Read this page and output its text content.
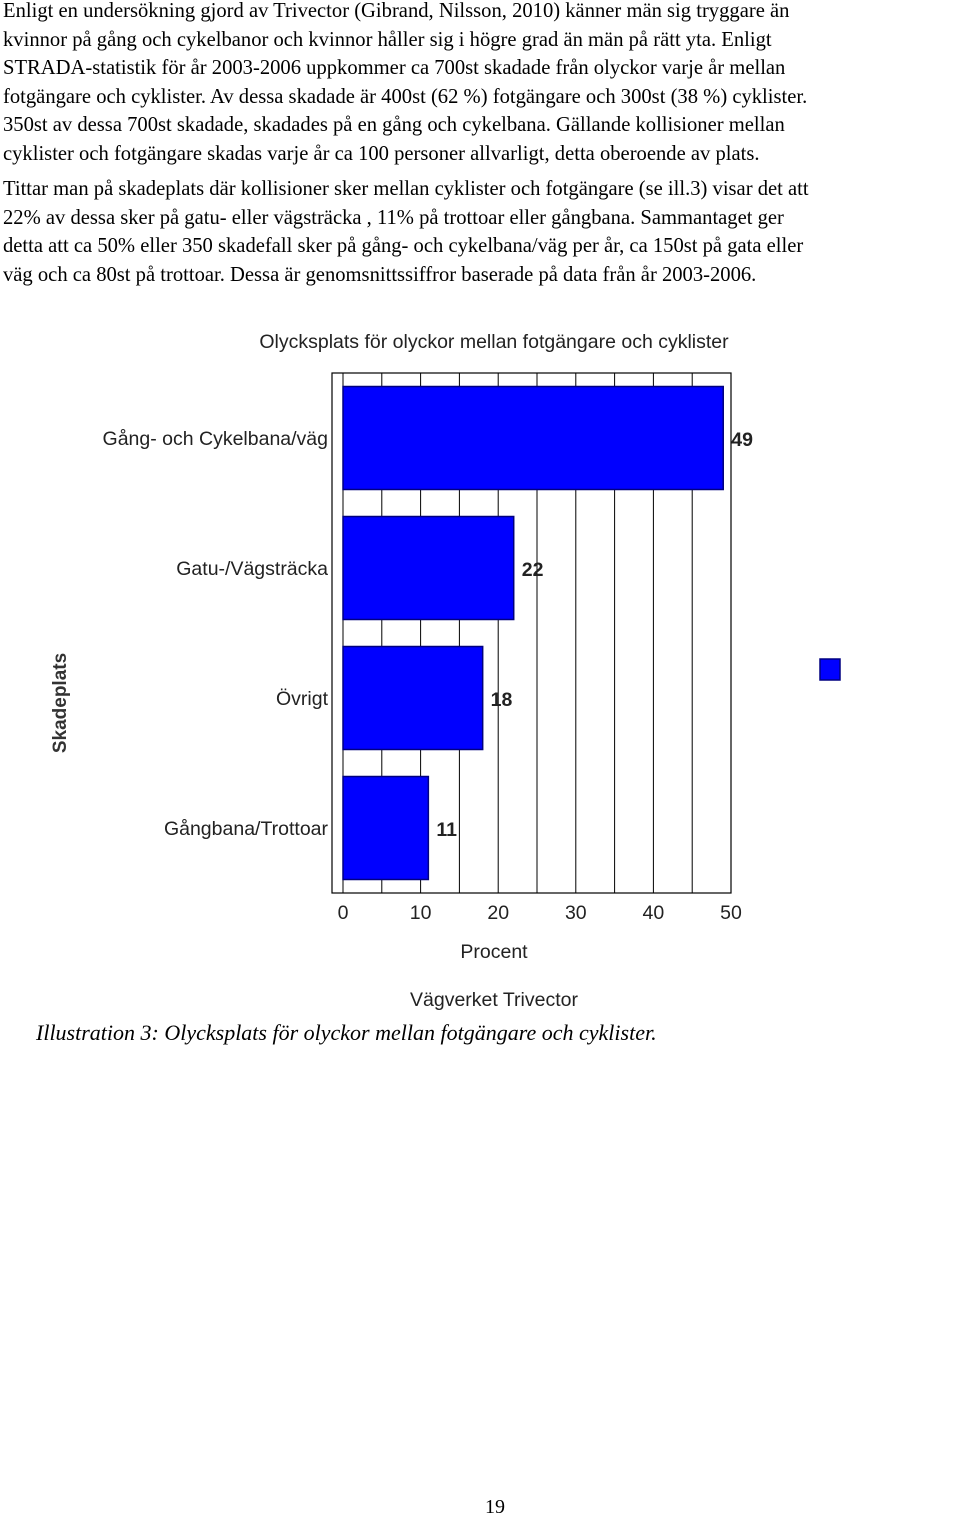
Enligt en undersökning gjord av Trivector (Gibrand, Nilsson, 2010) känner män sig tryggare än
kvinnor på gång och cykelbanor och kvinnor håller sig i högre grad än män på rätt yta. Enligt
STRADA-statistik för år 2003-2006 uppkommer ca 700st skadade från olyckor varje år mellan
fotgängare och cyklister. Av dessa skadade är 400st (62 %) fotgängare och 300st (38 %) cyklister.
350st av dessa 700st skadade, skadades på en gång och cykelbana. Gällande kollisioner mellan
cyklister och fotgängare skadas varje år ca 100 personer allvarligt, detta oberoende av plats.

Tittar man på skadeplats där kollisioner sker mellan cyklister och fotgängare (se ill.3) visar det att
22% av dessa sker på gatu- eller vägsträcka , 11% på trottoar eller gångbana. Sammantaget ger
detta att ca 50% eller 350 skadefall sker på gång- och cykelbana/väg per år, ca 150st på gata eller
väg och ca 80st på trottoar. Dessa är genomsnittssiffror baserade på data från år 2003-2006.

0	10	20	30	40	50
Gång- och Cykelbana/väg	49
Gatu-/Vägsträcka	22
Övrigt	18
Gångbana/Trottoar	11
Olycksplats för olyckor mellan fotgängare och cyklister
Skadeplats
Procent
Vägverket Trivector
Illustration 3: Olycksplats för olyckor mellan fotgängare och cyklister.
19
